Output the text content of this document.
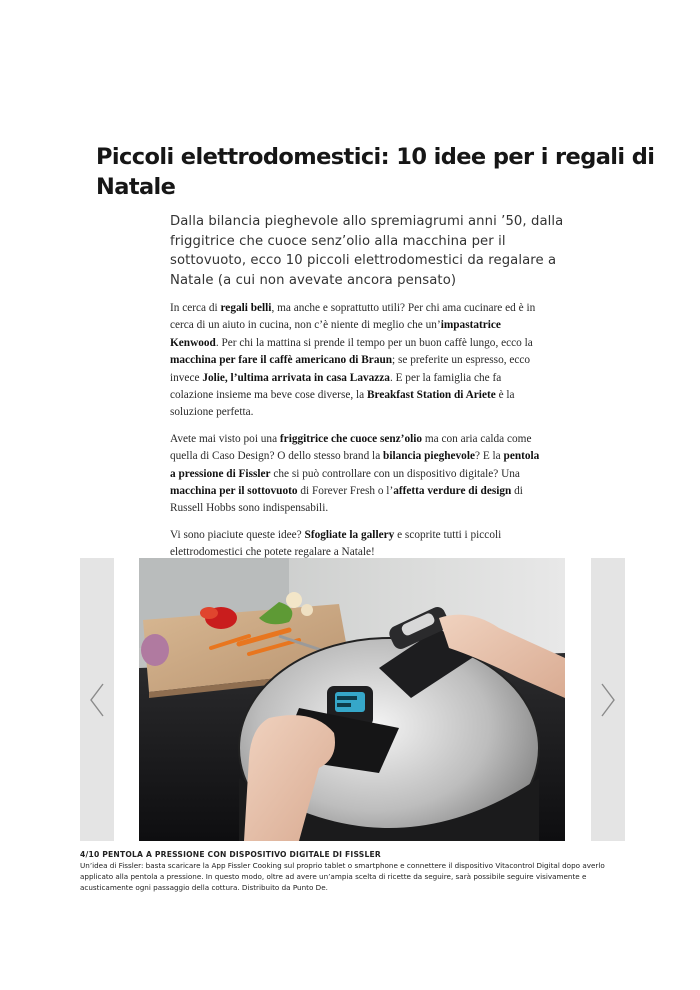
Piccoli elettrodomestici: 10 idee per i regali di Natale

Dalla bilancia pieghevole allo spremiagrumi anni ’50, dalla friggitrice che cuoce senz’olio alla macchina per il sottovuoto, ecco 10 piccoli elettrodomestici da regalare a Natale (a cui non avevate ancora pensato)

In cerca di regali belli, ma anche e soprattutto utili? Per chi ama cucinare ed è in cerca di un aiuto in cucina, non c’è niente di meglio che un’impastatrice Kenwood. Per chi la mattina si prende il tempo per un buon caffè lungo, ecco la macchina per fare il caffè americano di Braun; se preferite un espresso, ecco invece Jolie, l’ultima arrivata in casa Lavazza. E per la famiglia che fa colazione insieme ma beve cose diverse, la Breakfast Station di Ariete è la soluzione perfetta.

Avete mai visto poi una friggitrice che cuoce senz’olio ma con aria calda come quella di Caso Design? O dello stesso brand la bilancia pieghevole? E la pentola a pressione di Fissler che si può controllare con un dispositivo digitale? Una macchina per il sottovuoto di Forever Fresh o l’affetta verdure di design di Russell Hobbs sono indispensabili.

Vi sono piaciute queste idee? Sfogliate la gallery e scoprite tutti i piccoli elettrodomestici che potete regalare a Natale!

4/10 PENTOLA A PRESSIONE CON DISPOSITIVO DIGITALE DI FISSLER
Un’idea di Fissler: basta scaricare la App Fissler Cooking sul proprio tablet o smartphone e connettere il dispositivo Vitacontrol Digital dopo averlo applicato alla pentola a pressione. In questo modo, oltre ad avere un’ampia scelta di ricette da seguire, sarà possibile seguire visivamente e acusticamente ogni passaggio della cottura. Distribuito da Punto De.
